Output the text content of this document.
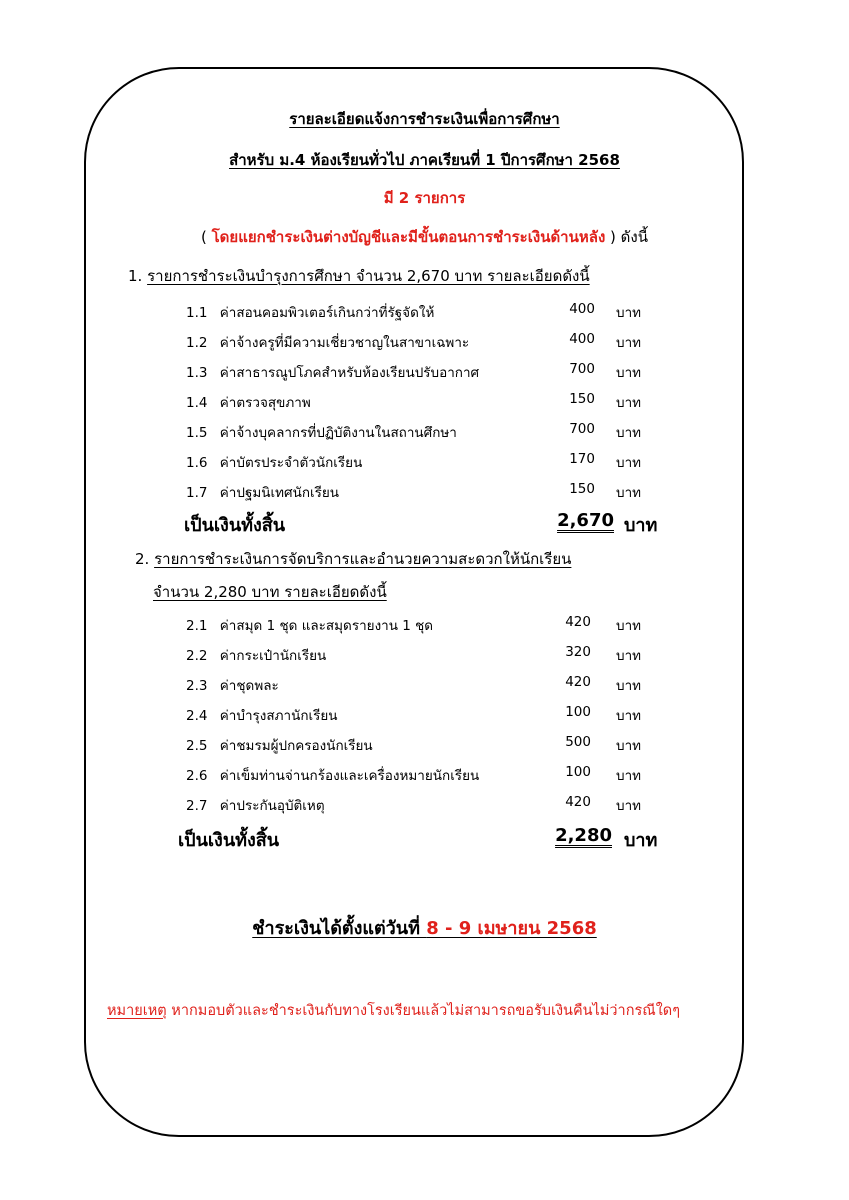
รายละเอียดแจ้งการชำระเงินเพื่อการศึกษา
สำหรับ ม.4 ห้องเรียนทั่วไป ภาคเรียนที่ 1 ปีการศึกษา 2568
มี 2 รายการ
( โดยแยกชำระเงินต่างบัญชีและมีขั้นตอนการชำระเงินด้านหลัง ) ดังนี้
1. รายการชำระเงินบำรุงการศึกษา จำนวน 2,670 บาท รายละเอียดดังนี้
1.1 ค่าสอนคอมพิวเตอร์เกินกว่าที่รัฐจัดให้	400 บาท
1.2 ค่าจ้างครูที่มีความเชี่ยวชาญในสาขาเฉพาะ	400 บาท
1.3 ค่าสาธารณูปโภคสำหรับห้องเรียนปรับอากาศ	700 บาท
1.4 ค่าตรวจสุขภาพ	150 บาท
1.5 ค่าจ้างบุคลากรที่ปฏิบัติงานในสถานศึกษา	700 บาท
1.6 ค่าบัตรประจำตัวนักเรียน	170 บาท
1.7 ค่าปฐมนิเทศนักเรียน	150 บาท
เป็นเงินทั้งสิ้น	2,670 บาท
2. รายการชำระเงินการจัดบริการและอำนวยความสะดวกให้นักเรียน
จำนวน 2,280 บาท รายละเอียดดังนี้
2.1 ค่าสมุด 1 ชุด และสมุดรายงาน 1 ชุด	420 บาท
2.2 ค่ากระเป๋านักเรียน	320 บาท
2.3 ค่าชุดพละ	420 บาท
2.4 ค่าบำรุงสภานักเรียน	100 บาท
2.5 ค่าชมรมผู้ปกครองนักเรียน	500 บาท
2.6 ค่าเข็มท่านจ่านกร้องและเครื่องหมายนักเรียน	100 บาท
2.7 ค่าประกันอุบัติเหตุ	420 บาท
เป็นเงินทั้งสิ้น	2,280 บาท
ชำระเงินได้ตั้งแต่วันที่ 8 - 9 เมษายน 2568
หมายเหตุ หากมอบตัวและชำระเงินกับทางโรงเรียนแล้วไม่สามารถขอรับเงินคืนไม่ว่ากรณีใดๆ
